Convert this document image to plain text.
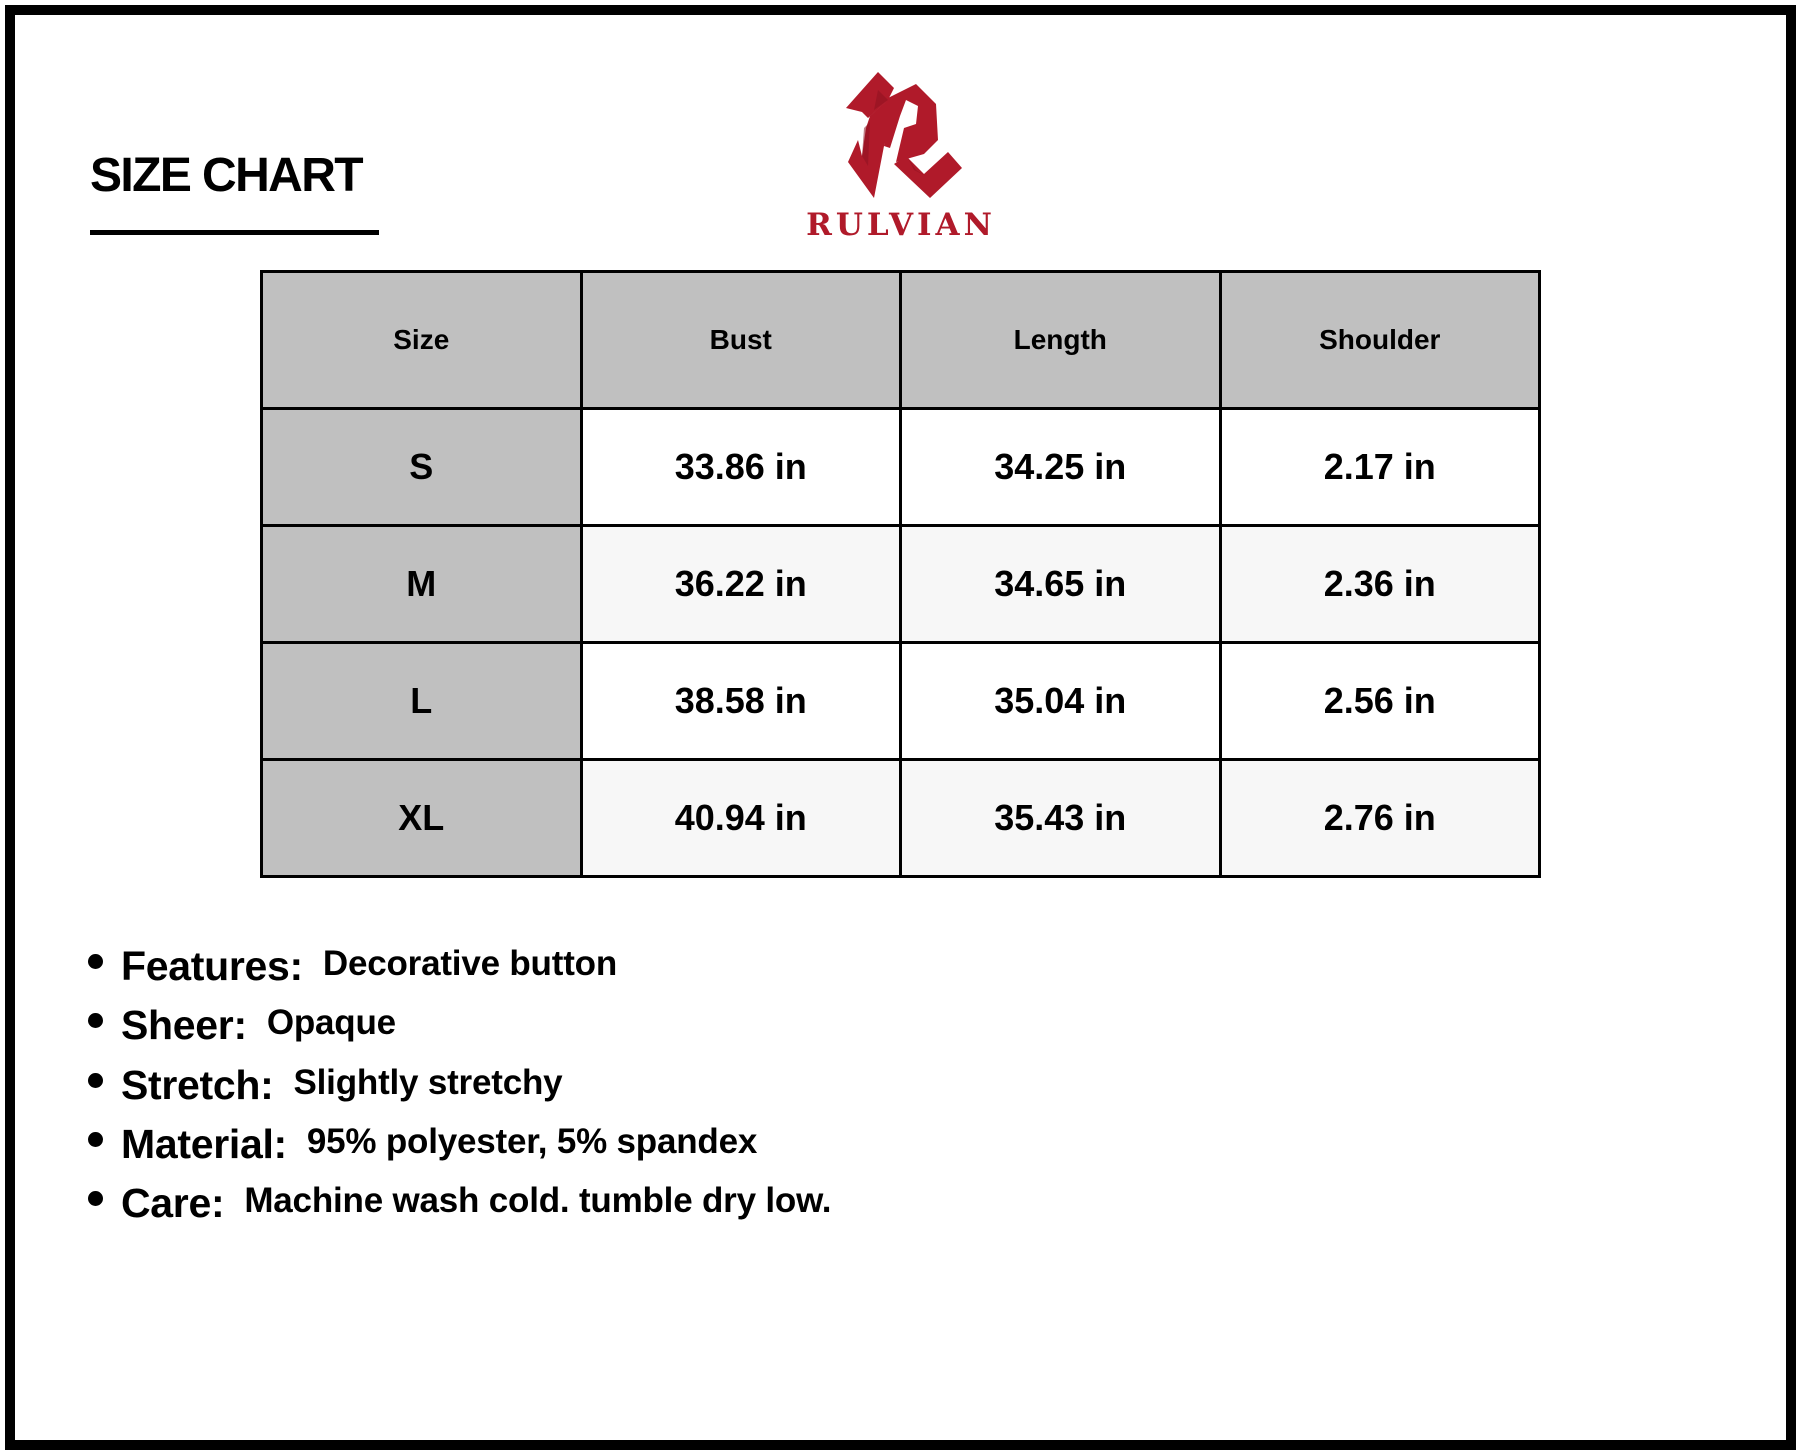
SIZE CHART
RULVIAN
Size	Bust	Length	Shoulder
S	33.86 in	34.25 in	2.17 in
M	36.22 in	34.65 in	2.36 in
L	38.58 in	35.04 in	2.56 in
XL	40.94 in	35.43 in	2.76 in
Features: Decorative button
Sheer: Opaque
Stretch: Slightly stretchy
Material: 95% polyester, 5% spandex
Care: Machine wash cold. tumble dry low.
